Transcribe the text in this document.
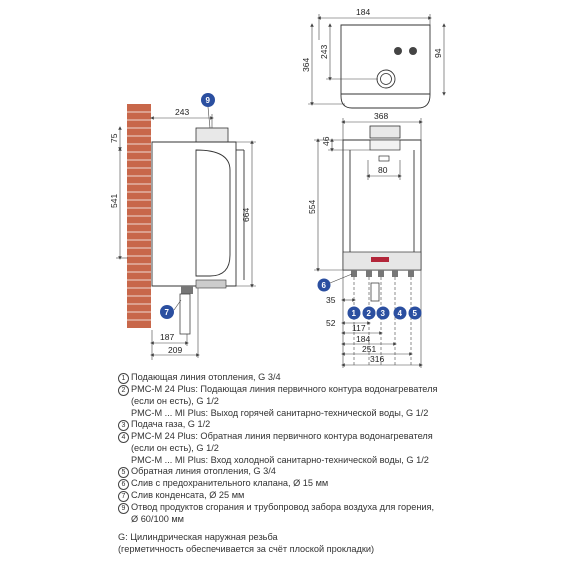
184
94
243
364
368
46
80
554
35
52 117
184
251
316
1 2 3 4 5
6
243
75
541
664
187
209
9
7
1 Подающая линия отопления, G 3/4
2 PMC-M 24 Plus: Подающая линия первичного контура водонагревателя
(если он есть), G 1/2
PMC-M ... MI Plus: Выход горячей санитарно-технической воды, G 1/2
3 Подача газа, G 1/2
4 PMC-M 24 Plus: Обратная линия первичного контура водонагревателя
(если он есть), G 1/2
PMC-M ... MI Plus: Вход холодной санитарно-технической воды, G 1/2
5 Обратная линия отопления, G 3/4
6 Слив с предохранительного клапана, Ø 15 мм
7 Слив конденсата, Ø 25 мм
9 Отвод продуктов сгорания и трубопровод забора воздуха для горения,
Ø 60/100 мм
G: Цилиндрическая наружная резьба
(герметичность обеспечивается за счёт плоской прокладки)
